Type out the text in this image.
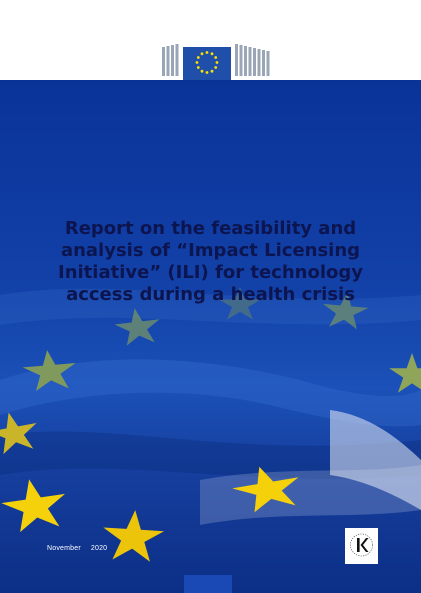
Report on the feasibility and
analysis of “Impact Licensing
Initiative” (ILI) for technology
access during a health crisis
November 2020
